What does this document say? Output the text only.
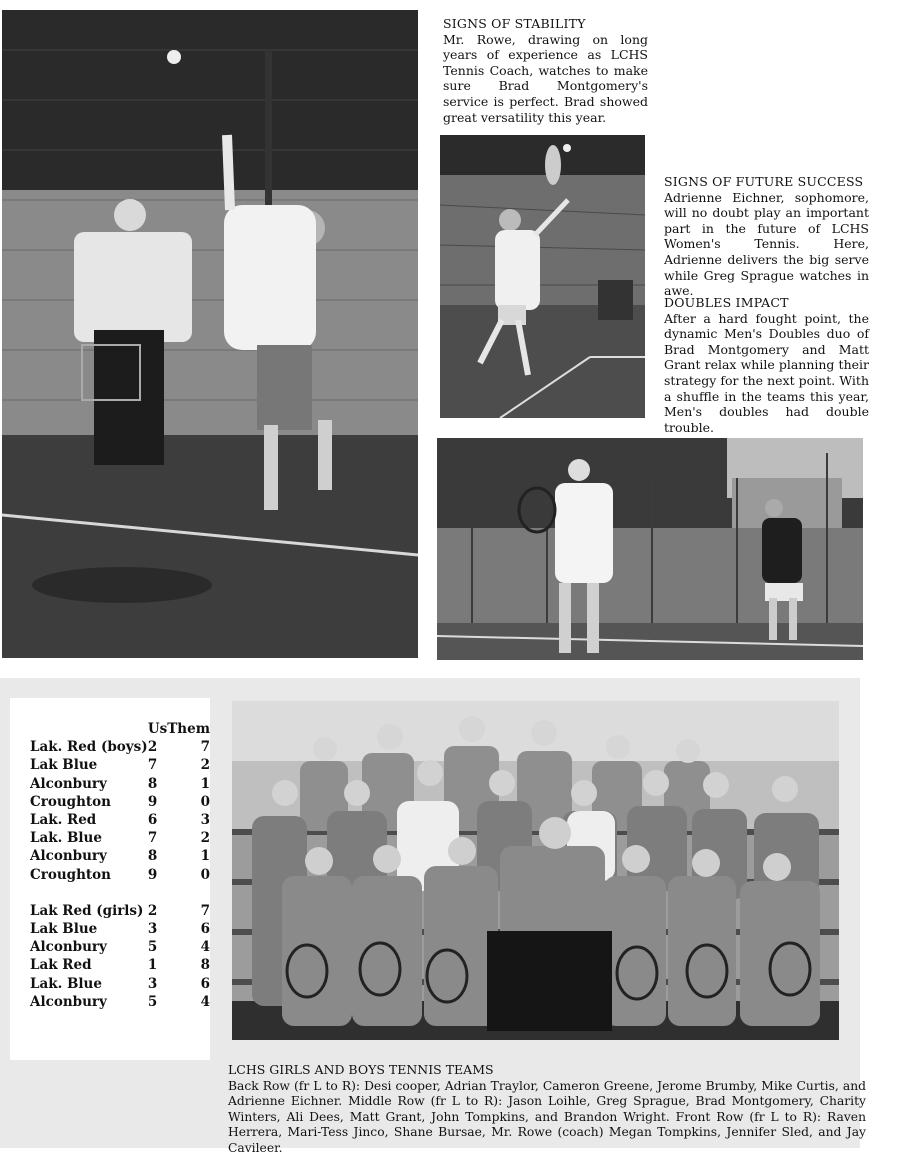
SIGNS OF STABILITY
Mr. Rowe, drawing on long years of experience as LCHS Tennis Coach, watches to make sure Brad Montgomery's service is perfect. Brad showed great versatility this year.
SIGNS OF FUTURE SUCCESS
Adrienne Eichner, sophomore, will no doubt play an important part in the future of LCHS Women's Tennis. Here, Adrienne delivers the big serve while Greg Sprague watches in awe.
DOUBLES IMPACT
After a hard fought point, the dynamic Men's Doubles duo of Brad Montgomery and Matt Grant relax while planning their strategy for the next point. With a shuffle in the teams this year, Men's doubles had double trouble.
	Us	Them
Lak. Red (boys)	2	7
Lak Blue	7	2
Alconbury	8	1
Croughton	9	0
Lak. Red	6	3
Lak. Blue	7	2
Alconbury	8	1
Croughton	9	0

Lak Red (girls)	2	7
Lak Blue	3	6
Alconbury	5	4
Lak Red	1	8
Lak. Blue	3	6
Alconbury	5	4
LCHS GIRLS AND BOYS TENNIS TEAMS
Back Row (fr L to R): Desi cooper, Adrian Traylor, Cameron Greene, Jerome Brumby, Mike Curtis, and Adrienne Eichner. Middle Row (fr L to R): Jason Loihle, Greg Sprague, Brad Montgomery, Charity Winters, Ali Dees, Matt Grant, John Tompkins, and Brandon Wright. Front Row (fr L to R): Raven Herrera, Mari-Tess Jinco, Shane Bursae, Mr. Rowe (coach) Megan Tompkins, Jennifer Sled, and Jay Cavileer.
